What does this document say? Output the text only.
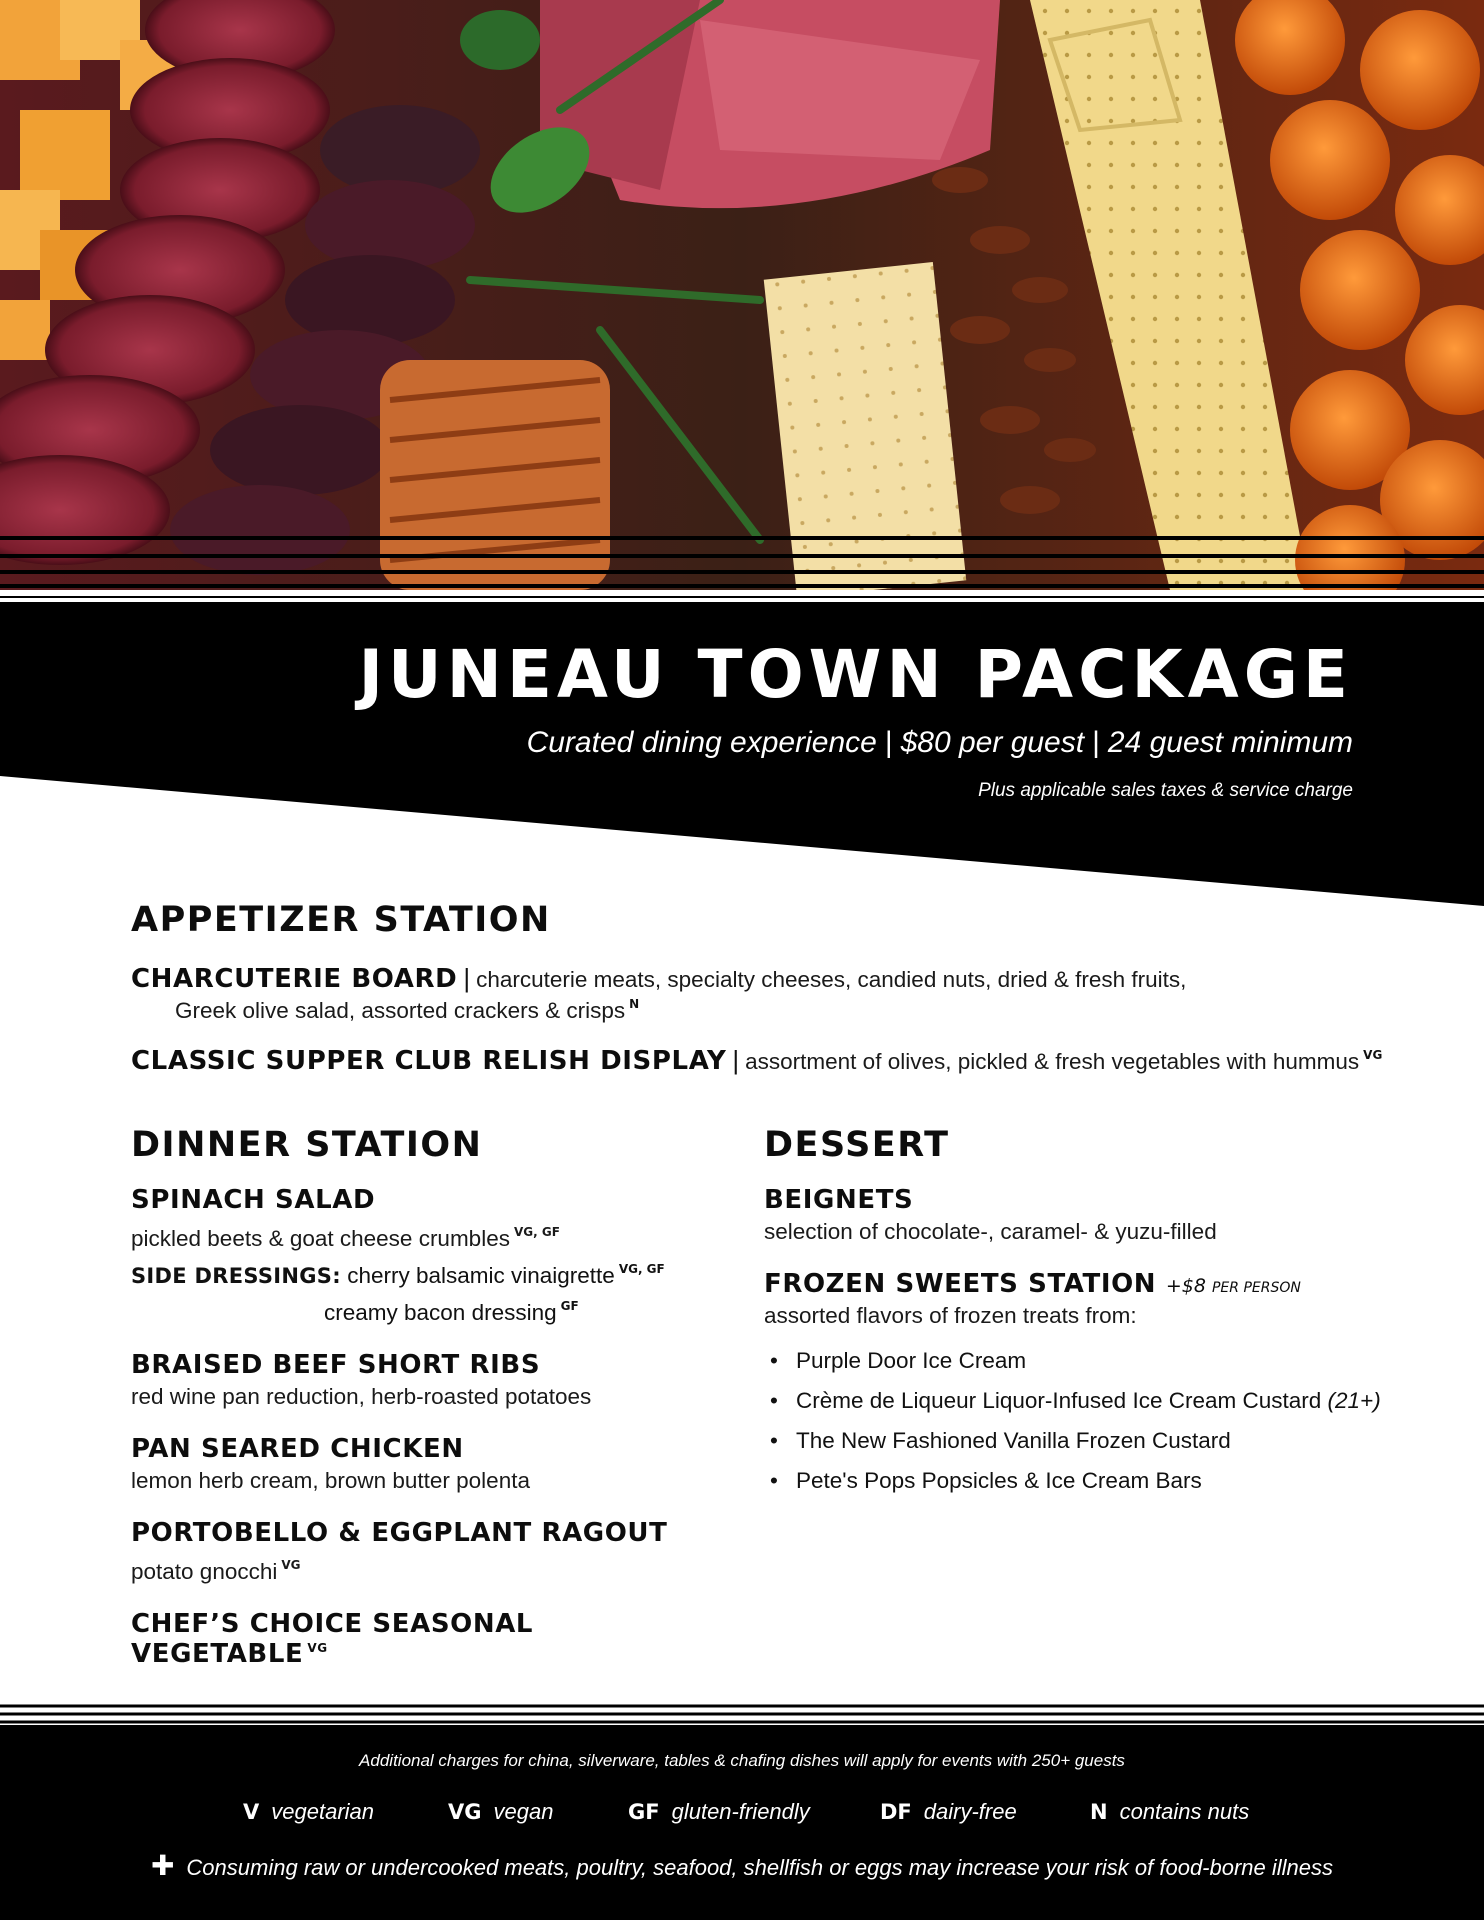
JUNEAU TOWN PACKAGE
Curated dining experience | $80 per guest | 24 guest minimum
Plus applicable sales taxes & service charge
APPETIZER STATION
CHARCUTERIE BOARD | charcuterie meats, specialty cheeses, candied nuts, dried & fresh fruits,
Greek olive salad, assorted crackers & crisps $^N$
CLASSIC SUPPER CLUB RELISH DISPLAY | assortment of olives, pickled & fresh vegetables with hummus $^{VG}$
DINNER STATION
SPINACH SALAD
pickled beets & goat cheese crumbles $^{VG, GF}$
SIDE DRESSINGS: cherry balsamic vinaigrette $^{VG, GF}$
creamy bacon dressing $^{GF}$
BRAISED BEEF SHORT RIBS
red wine pan reduction, herb-roasted potatoes
PAN SEARED CHICKEN
lemon herb cream, brown butter polenta
PORTOBELLO & EGGPLANT RAGOUT
potato gnocchi $^{VG}$
CHEF’S CHOICE SEASONAL VEGETABLE $^{VG}$
DESSERT
BEIGNETS
selection of chocolate-, caramel- & yuzu-filled
FROZEN SWEETS STATION +$8 PER PERSON
assorted flavors of frozen treats from:
• Purple Door Ice Cream
• Crème de Liqueur Liquor-Infused Ice Cream Custard (21+)
• The New Fashioned Vanilla Frozen Custard
• Pete's Pops Popsicles & Ice Cream Bars
Additional charges for china, silverware, tables & chafing dishes will apply for events with 250+ guests
V vegetarian	VG vegan	GF gluten-friendly	DF dairy-free	N contains nuts
✚ Consuming raw or undercooked meats, poultry, seafood, shellfish or eggs may increase your risk of food-borne illness
